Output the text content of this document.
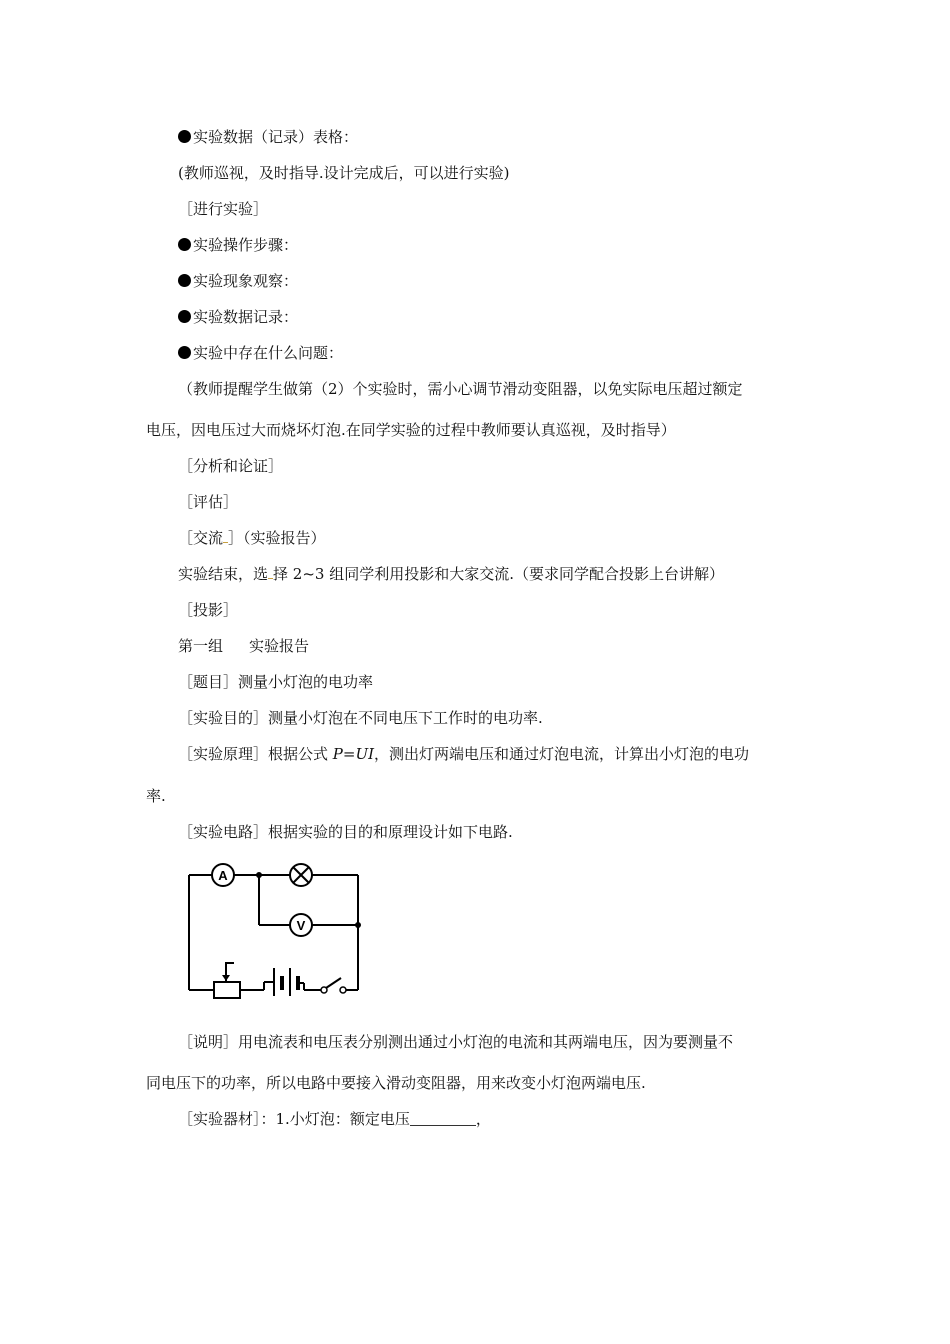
实验数据（记录）表格：
(教师巡视，及时指导.设计完成后，可以进行实验)
［进行实验］
实验操作步骤：
实验现象观察：
实验数据记录：
实验中存在什么问题：
（教师提醒学生做第（2）个实验时，需小心调节滑动变阻器，以免实际电压超过额定
电压，因电压过大而烧坏灯泡.在同学实验的过程中教师要认真巡视，及时指导）
［分析和论证］
［评估］
［交流 ］（实验报告）
实验结束，选 择 2~3 组同学利用投影和大家交流.（要求同学配合投影上台讲解）
［投影］
第一组 实验报告
［题目］测量小灯泡的电功率
［实验目的］测量小灯泡在不同电压下工作时的电功率.
［实验原理］根据公式 P=UI，测出灯两端电压和通过灯泡电流，计算出小灯泡的电功
率.
［实验电路］根据实验的目的和原理设计如下电路.
A
V
［说明］用电流表和电压表分别测出通过小灯泡的电流和其两端电压，因为要测量不
同电压下的功率，所以电路中要接入滑动变阻器，用来改变小灯泡两端电压.
［实验器材］：1.小灯泡：额定电压	，
